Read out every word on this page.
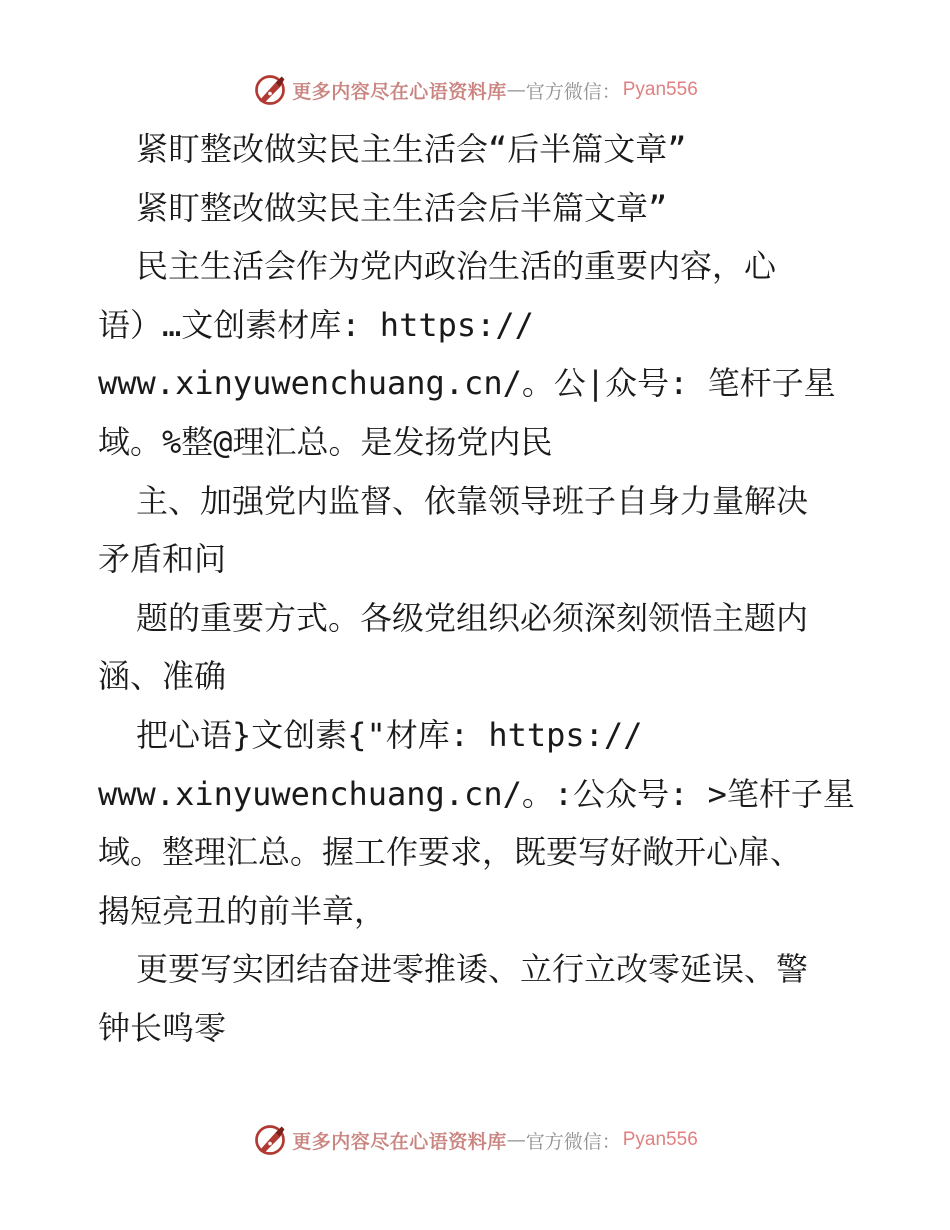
更多内容尽在心语资料库 — 官方微信： Pyan556

紧盯整改做实民主生活会“后半篇文章”

紧盯整改做实民主生活会后半篇文章”

民主生活会作为党内政治生活的重要内容，心

语）…文创素材库: https://

www.xinyuwenchuang.cn/。公|众号: 笔杆子星

域。%整@理汇总。是发扬党内民

主、加强党内监督、依靠领导班子自身力量解决

矛盾和问

题的重要方式。各级党组织必须深刻领悟主题内

涵、准确

把心语}文创素{"材库: https://

www.xinyuwenchuang.cn/。:公众号: >笔杆子星

域。整理汇总。握工作要求，既要写好敞开心扉、

揭短亮丑的前半章，

更要写实团结奋进零推诿、立行立改零延误、警

钟长鸣零

更多内容尽在心语资料库 — 官方微信： Pyan556
